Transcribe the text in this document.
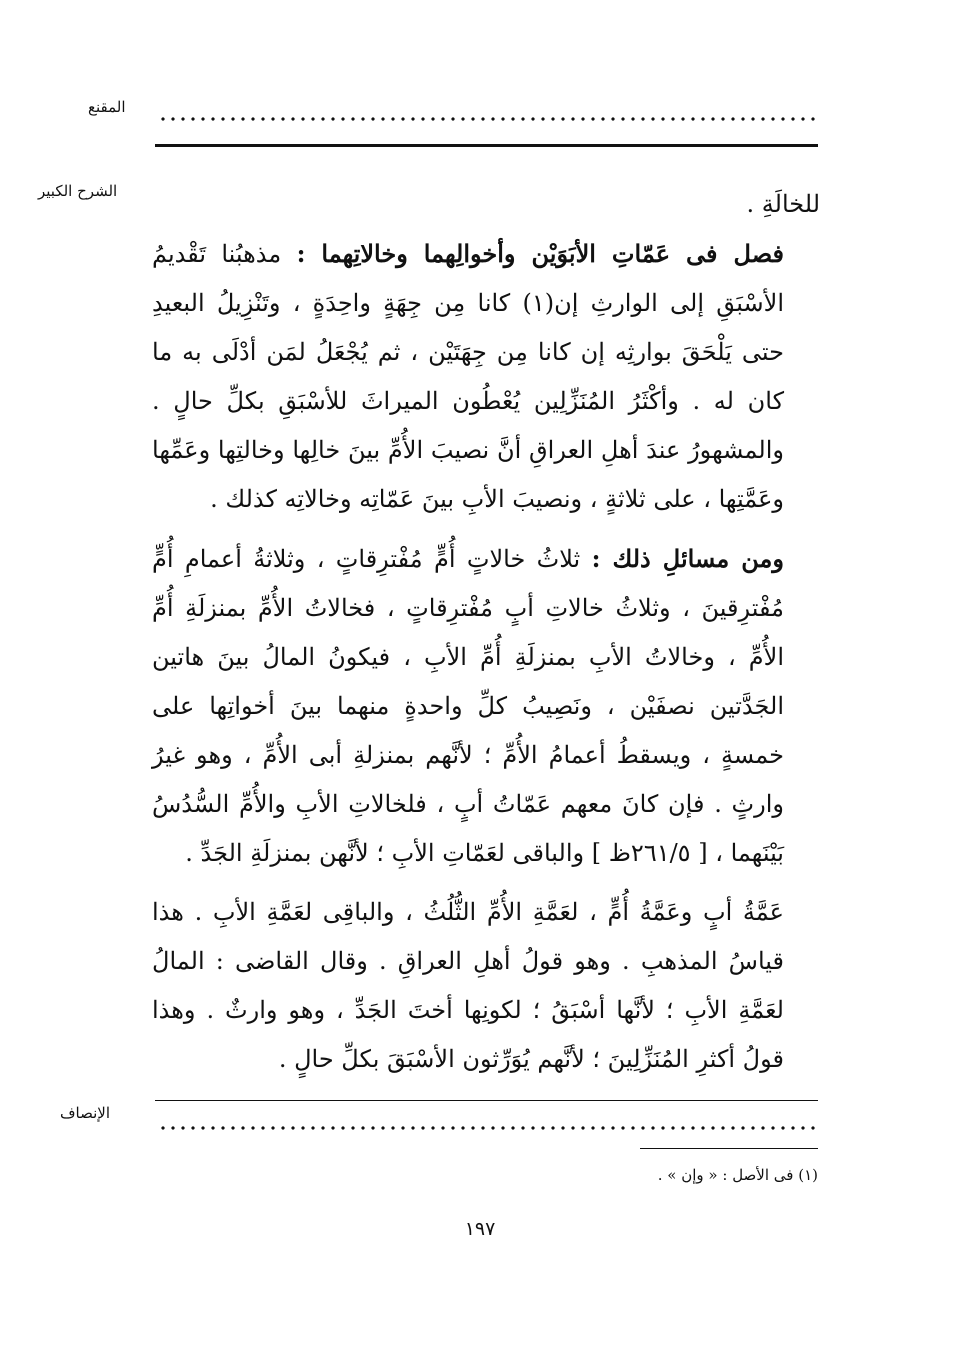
المقنع
الشرح الكبير	للخالَةِ .

فصل فى عَمّاتِ الأبَوَيْن وأخوالِهما وخالاتِهما : مذهبُنا تَقْديمُ الأسْبَقِ إلى الوارثِ إن(١) كانا مِن جِهَةٍ واحِدَةٍ ، وتَنْزِيلُ البعيدِ حتى يَلْحَقَ بوارثِه إن كانا مِن جِهَتَيْن ، ثم يُجْعَلُ لمَن أدْلَى به ما كان له . وأكْثَرُ المُنَزِّلِين يُعْطُون الميراثَ للأسْبَقِ بكلِّ حالٍ . والمشهورُ عندَ أهلِ العراقِ أنَّ نصيبَ الأُمِّ بينَ خالِها وخالتِها وعَمِّها وعَمَّتِها ، على ثلاثةٍ ، ونصيبَ الأبِ بينَ عَمّاتِه وخالاتِه كذلك .

ومن مسائلِ ذلك : ثلاثُ خالاتٍ أُمٍّ مُفْترِقاتٍ ، وثلاثةُ أعمامِ أُمٍّ مُفْترِقينَ ، وثلاثُ خالاتِ أبٍ مُفْترِقاتٍ ، فخالاتُ الأُمِّ بمنزلَةِ أُمِّ الأُمِّ ، وخالاتُ الأبِ بمنزلَةِ أُمِّ الأبِ ، فيكونُ المالُ بينَ هاتين الجَدَّتين نصفَيْن ، ونَصِيبُ كلِّ واحدةٍ منهما بينَ أخواتِها على خمسةٍ ، ويسقطُ أعمامُ الأُمِّ ؛ لأنَّهم بمنزلةِ أبى الأُمِّ ، وهو غيرُ وارثٍ . فإن كانَ معهم عَمّاتُ أبٍ ، فلخالاتِ الأبِ والأُمِّ السُّدُسُ بَيْنَهما ، [ ٢٦١/٥ظ ] والباقى لعَمّاتِ الأبِ ؛ لأنَّهن بمنزلَةِ الجَدِّ .

عَمَّةُ أبٍ وعَمَّةُ أُمٍّ ، لعَمَّةِ الأُمِّ الثُّلُثُ ، والباقِى لعَمَّةِ الأبِ . هذا قياسُ المذهبِ . وهو قولُ أهلِ العراقِ . وقال القاضى : المالُ لعَمَّةِ الأبِ ؛ لأنَّها أسْبَقُ ؛ لكونِها أختَ الجَدِّ ، وهو وارثٌ . وهذا قولُ أكثرِ المُنَزِّلِينَ ؛ لأنَّهم يُوَرِّثون الأسْبَقَ بكلِّ حالٍ .

الإنصاف
(١) فى الأصل : « وإن » .
١٩٧
